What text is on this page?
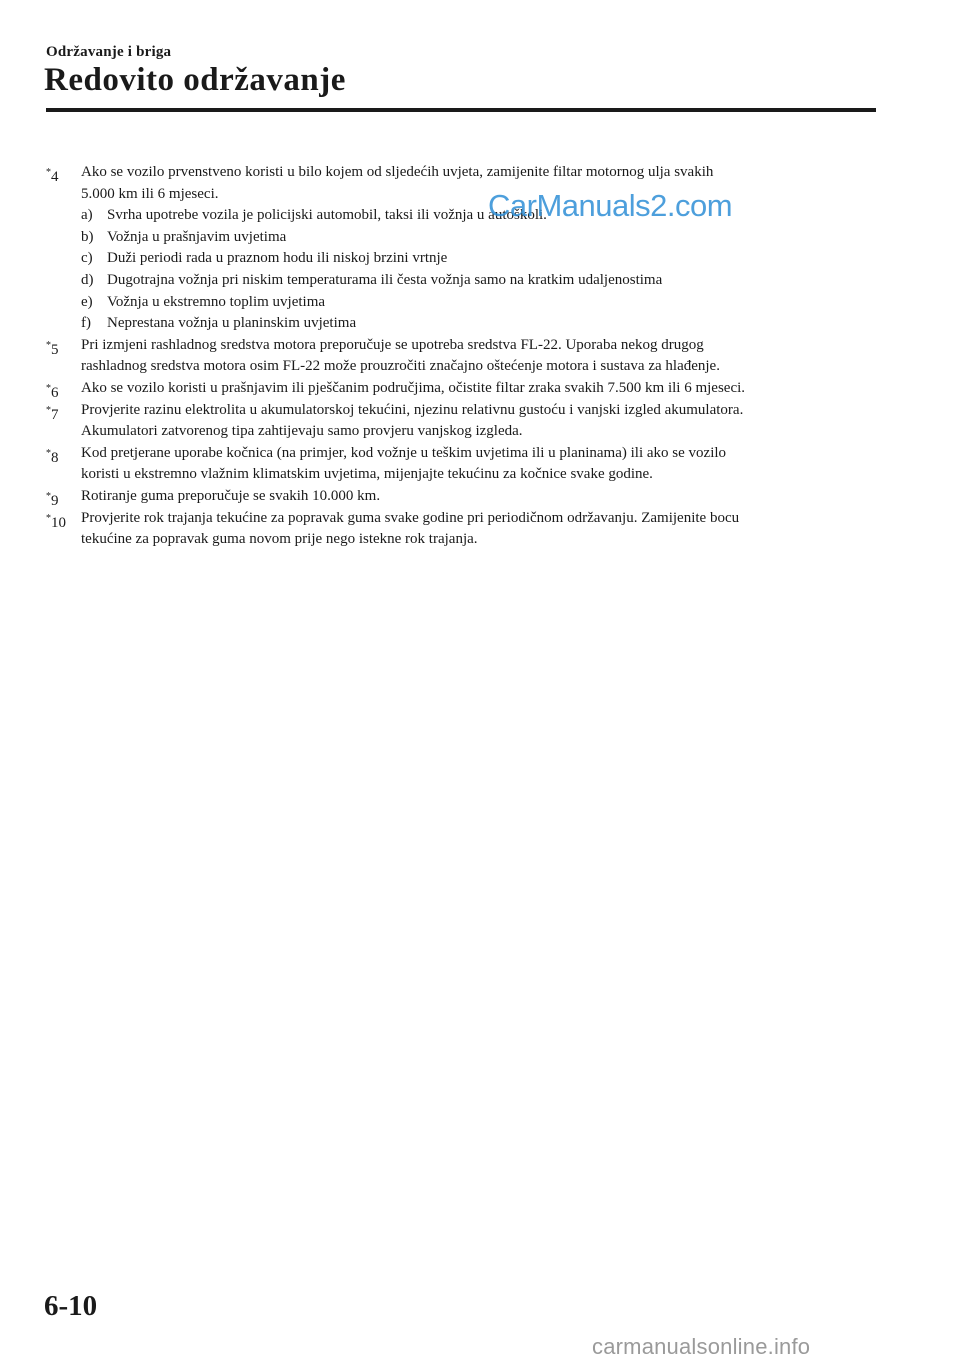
Održavanje i briga
Redovito održavanje
*4 Ako se vozilo prvenstveno koristi u bilo kojem od sljedećih uvjeta, zamijenite filtar motornog ulja svakih
5.000 km ili 6 mjeseci.
a) Svrha upotrebe vozila je policijski automobil, taksi ili vožnja u autoškoli.
b) Vožnja u prašnjavim uvjetima
c) Duži periodi rada u praznom hodu ili niskoj brzini vrtnje
d) Dugotrajna vožnja pri niskim temperaturama ili česta vožnja samo na kratkim udaljenostima
e) Vožnja u ekstremno toplim uvjetima
f) Neprestana vožnja u planinskim uvjetima
*5 Pri izmjeni rashladnog sredstva motora preporučuje se upotreba sredstva FL-22. Uporaba nekog drugog
rashladnog sredstva motora osim FL-22 može prouzročiti značajno oštećenje motora i sustava za hlađenje.
*6 Ako se vozilo koristi u prašnjavim ili pješčanim područjima, očistite filtar zraka svakih 7.500 km ili 6 mjeseci.
*7 Provjerite razinu elektrolita u akumulatorskoj tekućini, njezinu relativnu gustoću i vanjski izgled akumulatora.
Akumulatori zatvorenog tipa zahtijevaju samo provjeru vanjskog izgleda.
*8 Kod pretjerane uporabe kočnica (na primjer, kod vožnje u teškim uvjetima ili u planinama) ili ako se vozilo
koristi u ekstremno vlažnim klimatskim uvjetima, mijenjajte tekućinu za kočnice svake godine.
*9 Rotiranje guma preporučuje se svakih 10.000 km.
*10 Provjerite rok trajanja tekućine za popravak guma svake godine pri periodičnom održavanju. Zamijenite bocu
tekućine za popravak guma novom prije nego istekne rok trajanja.
CarManuals2.com
6-10
carmanualsonline.info
